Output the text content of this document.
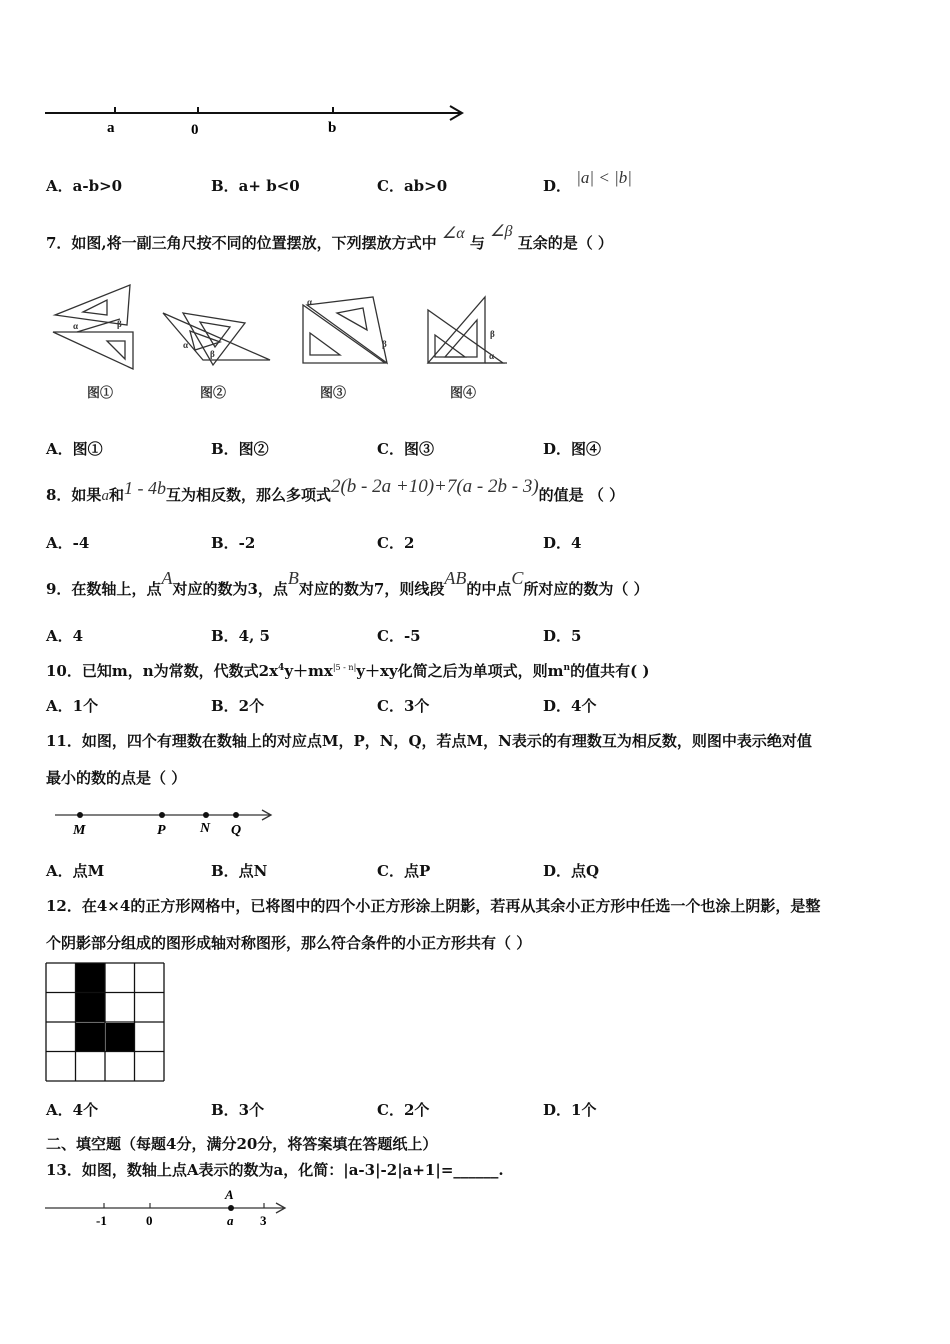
a	0	b
A．a-b>0	B．a+ b<0	C．ab>0	D． |a| < |b|
7．如图,将一副三角尺按不同的位置摆放，下列摆放方式中 ∠α 与 ∠β 互余的是（ ）
α	β
图①
α
β
图②
α
β
图③
β
α
图④
A．图①	B．图②	C．图③	D．图④
8．如果a和1 - 4b互为相反数，那么多项式2(b - 2a +10)+7(a - 2b - 3)的值是 （ ）
A．-4	B．-2	C．2	D．4
9．在数轴上，点A对应的数为3，点B对应的数为7，则线段AB的中点C所对应的数为（ ）
A．4	B．4, 5	C．-5	D．5
10．已知m，n为常数，代数式$2x^4y+mx^{|5 - n|}y+xy$化简之后为单项式，则$m^n$的值共有( )
A．1个	B．2个	C．3个	D．4个
11．如图，四个有理数在数轴上的对应点M，P，N，Q，若点M，N表示的有理数互为相反数，则图中表示绝对值
最小的数的点是（ ）
M	P N Q
A．点M	B．点N	C．点P	D．点Q
12．在4×4的正方形网格中，已将图中的四个小正方形涂上阴影，若再从其余小正方形中任选一个也涂上阴影，是整
个阴影部分组成的图形成轴对称图形，那么符合条件的小正方形共有（ ）
A．4个	B．3个	C．2个	D．1个
二、填空题（每题4分，满分20分，将答案填在答题纸上）
13．如图，数轴上点A表示的数为a，化简：|a-3|-2|a+1|=______.
A
-1	0	a 3
